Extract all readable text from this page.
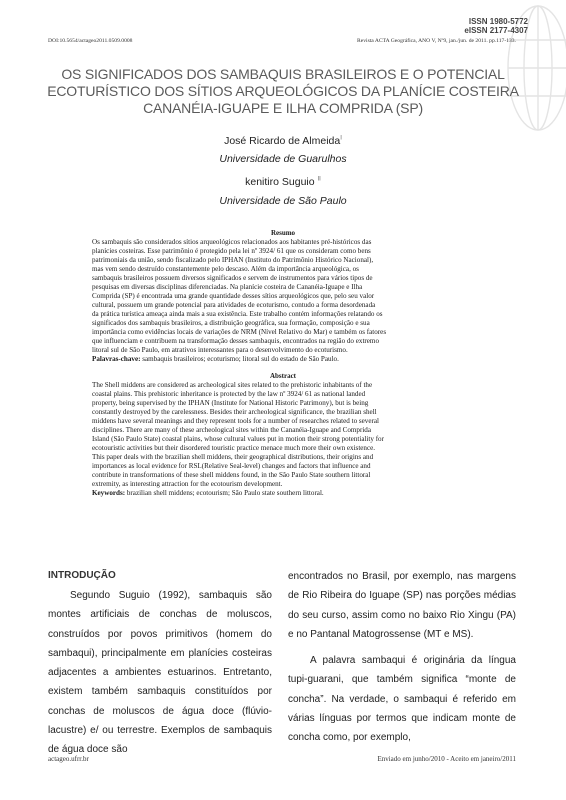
ISSN 1980-5772
eISSN 2177-4307
DOI:10.5654/actageo2011.0509.0008	Revista ACTA Geográfica, ANO V, Nº9, jan./jun. de 2011. pp.117-133.
OS SIGNIFICADOS DOS SAMBAQUIS BRASILEIROS E O POTENCIAL
ECOTURÍSTICO DOS SÍTIOS ARQUEOLÓGICOS DA PLANÍCIE COSTEIRA
CANANÉIA-IGUAPE E ILHA COMPRIDA (SP)
José Ricardo de Almeida$^I$
Universidade de Guarulhos
kenitiro Suguio $^{II}$
Universidade de São Paulo
Resumo
Os sambaquis são considerados sítios arqueológicos relacionados aos habitantes pré-históricos das
planícies costeiras. Esse patrimônio é protegido pela lei nº 3924/ 61 que os consideram como bens
patrimoniais da união, sendo fiscalizado pelo IPHAN (Instituto do Patrimônio Histórico Nacional),
mas vem sendo destruído constantemente pelo descaso. Além da importância arqueológica, os
sambaquis brasileiros possuem diversos significados e servem de instrumentos para vários tipos de
pesquisas em diversas disciplinas diferenciadas. Na planície costeira de Cananéia-Iguape e Ilha
Comprida (SP) é encontrada uma grande quantidade desses sítios arqueológicos que, pelo seu valor
cultural, possuem um grande potencial para atividades de ecoturismo, contudo a forma desordenada
da prática turística ameaça ainda mais a sua existência. Este trabalho contém informações relatando os
significados dos sambaquis brasileiros, a distribuição geográfica, sua formação, composição e sua
importância como evidências locais de variações de NRM (Nível Relativo do Mar) e também os fatores
que influenciam e contribuem na transformação desses sambaquis, encontrados na região do extremo
litoral sul de São Paulo, em atrativos interessantes para o desenvolvimento do ecoturismo.
Palavras-chave: sambaquis brasileiros; ecoturismo; litoral sul do estado de São Paulo.
Abstract
The Shell middens are considered as archeological sites related to the prehistoric inhabitants of the
coastal plains. This prehistoric inheritance is protected by the law nº 3924/ 61 as national landed
property, being supervised by the IPHAN (Institute for National Historic Patrimony), but is being
constantly destroyed by the carelessness. Besides their archeological significance, the brazilian shell
middens have several meanings and they represent tools for a number of researches related to several
disciplines. There are many of these archeological sites within the Cananéia-Iguape and Comprida
Island (São Paulo State) coastal plains, whose cultural values put in motion their strong potentiality for
ecotouristic activities but their disordered touristic practice menace much more their own existence.
This paper deals with the brazilian shell middens, their geographical distributions, their origins and
importances as local evidence for RSL(Relative Seal-level) changes and factors that influence and
contribute in transformations of these shell middens found, in the São Paulo State southern littoral
extremity, as interesting attraction for the ecotourism development.
Keywords: brazilian shell middens; ecotourism; São Paulo state southern littoral.
INTRODUÇÃO

Segundo Suguio (1992), sambaquis são montes artificiais de conchas de moluscos, construídos por povos primitivos (homem do sambaqui), principalmente em planícies costeiras adjacentes a ambientes estuarinos. Entretanto, existem também sambaquis constituídos por conchas de moluscos de água doce (flúvio-lacustre) e/ ou terrestre. Exemplos de sambaquis de água doce são

encontrados no Brasil, por exemplo, nas margens de Rio Ribeira do Iguape (SP) nas porções médias do seu curso, assim como no baixo Rio Xingu (PA) e no Pantanal Matogrossense (MT e MS).

A palavra sambaqui é originária da língua tupi-guarani, que também significa “monte de concha”. Na verdade, o sambaqui é referido em várias línguas por termos que indicam monte de concha como, por exemplo,

actageo.ufrr.br	Enviado em junho/2010 - Aceito em janeiro/2011
